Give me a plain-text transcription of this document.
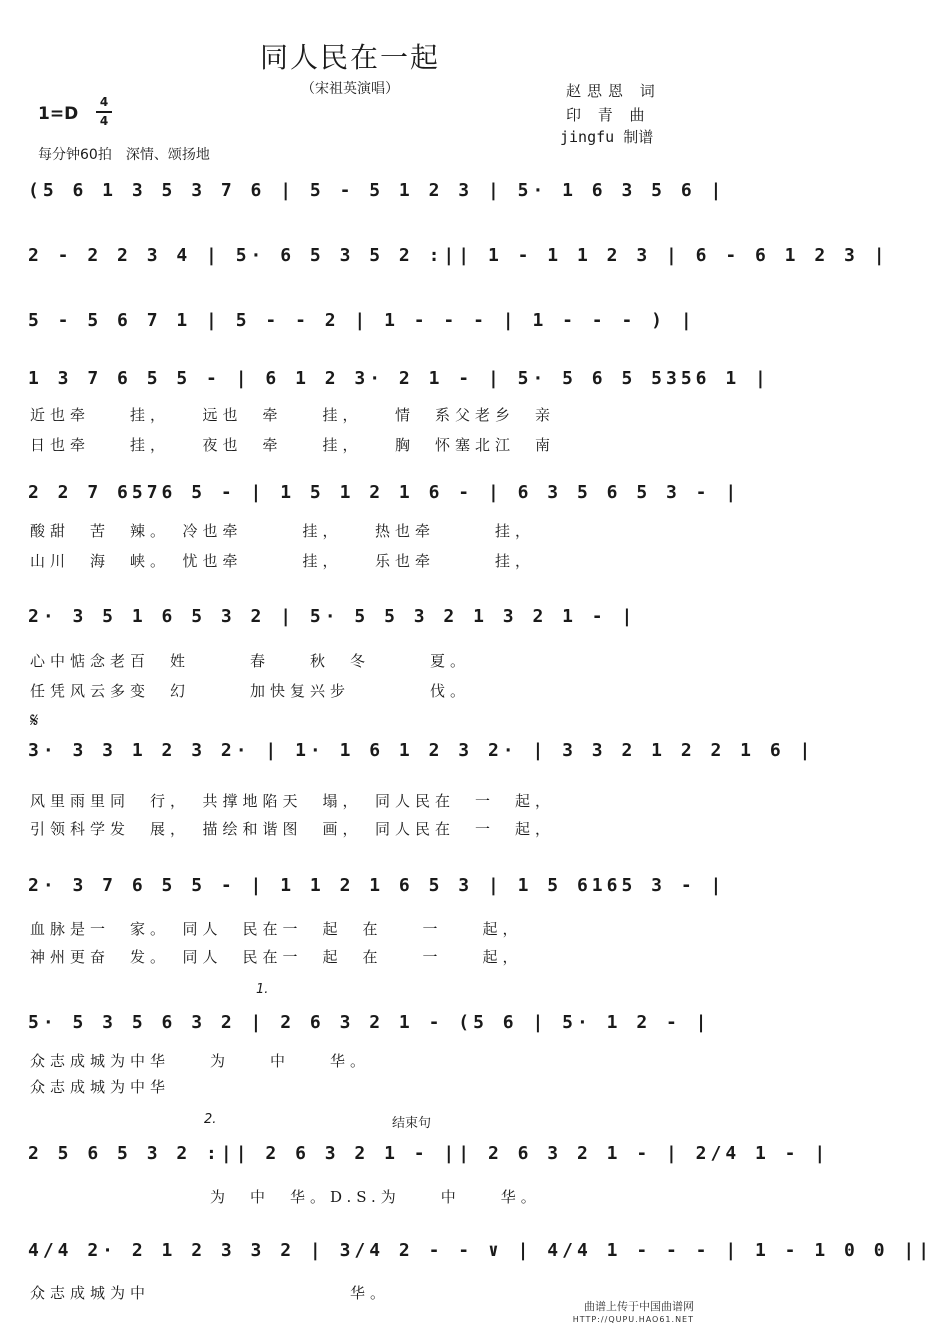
同人民在一起
（宋祖英演唱）	赵思恩 词
印 青 曲
jingfu 制谱
1=D
4
4
每分钟60拍　深情、颂扬地
(5 6 1 3 5 3 7 6 | 5 - 5 1 2 3 | 5· 1 6 3 5 6 |
2 - 2 2 3 4 | 5· 6 5 3 5 2 :|| 1 - 1 1 2 3 | 6 - 6 1 2 3 |
5 - 5 6 7 1 | 5 - - 2 | 1 - - - | 1 - - - ) |
1 3 7 6 5 5 - | 6 1 2 3· 2 1 - | 5· 5 6 5 5356 1 |
近也牵　　挂，　　远也　牵　　挂，　　情　系父老乡　亲
日也牵　　挂，　　夜也　牵　　挂，　　胸　怀塞北江　南
2 2 7 6576 5 - | 1 5 1 2 1 6 - | 6 3 5 6 5 3 - |
酸甜　苦　辣。　冷也牵　　　挂，　　热也牵　　　挂，
山川　海　峡。　忧也牵　　　挂，　　乐也牵　　　挂，
2· 3 5 1 6 5 3 2 | 5· 5 5 3 2 1 3 2 1 - |
心中惦念老百　姓　　　春　　秋　冬　　　夏。
任凭风云多变　幻　　　加快复兴步　　　　伐。
𝄋
3· 3 3 1 2 3 2· | 1· 1 6 1 2 3 2· | 3 3 2 1 2 2 1 6 |
风里雨里同　行，　共撑地陷天　塌，　同人民在　一　起，
引领科学发　展，　描绘和谐图　画，　同人民在　一　起，
2· 3 7 6 5 5 - | 1 1 2 1 6 5 3 | 1 5 6165 3 - |
血脉是一　家。　同人　民在一　起　在　　一　　起，
神州更奋　发。　同人　民在一　起　在　　一　　起，
1.
5· 5 3 5 6 3 2 | 2 6 3 2 1 - (5 6 | 5· 1 2 - |
众志成城为中华　　为　　中　　华。
众志成城为中华
2.	结束句
2 5 6 5 3 2 :|| 2 6 3 2 1 - || 2 6 3 2 1 - | 2/4 1 - |
　　　　　　　　　为　中　华。D.S.为　　中　　华。
4/4 2· 2 1 2 3 3 2 | 3/4 2 - - ∨ | 4/4 1 - - - | 1 - 1 0 0 ||
众志成城为中　　　　　　　　　　华。
曲谱上传于中国曲谱网
HTTP://QUPU.HAO61.NET
